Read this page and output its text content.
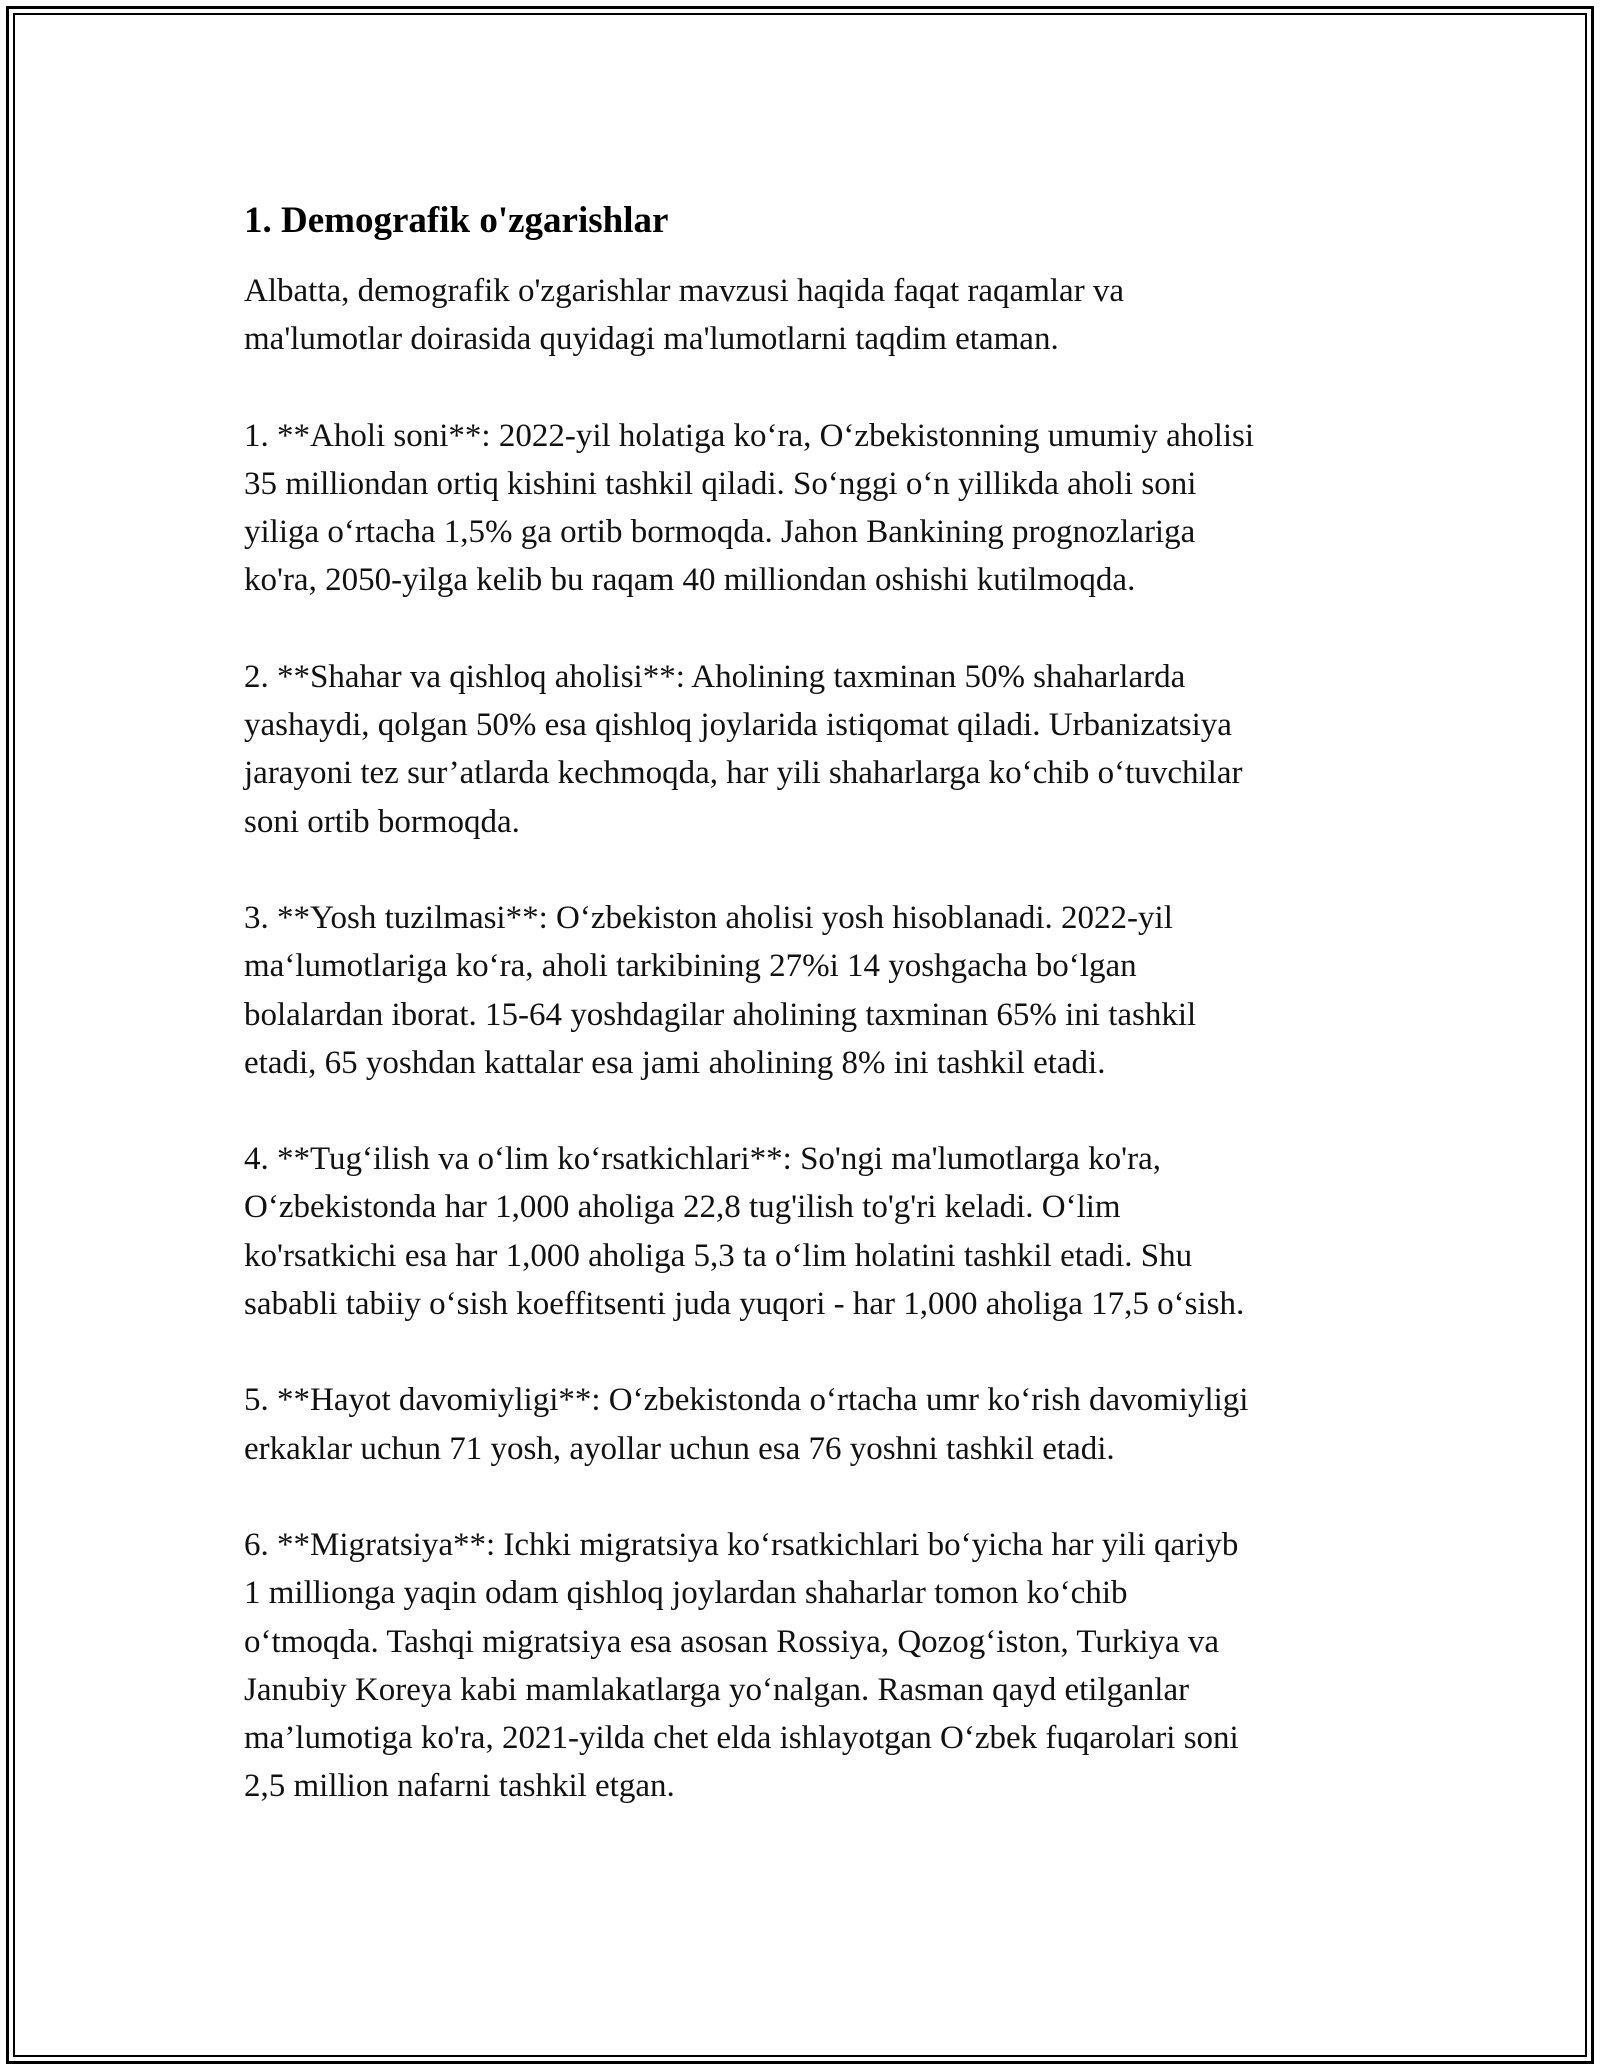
1. Demografik o'zgarishlar

Albatta, demografik o'zgarishlar mavzusi haqida faqat raqamlar va
ma'lumotlar doirasida quyidagi ma'lumotlarni taqdim etaman.

1. **Aholi soni**: 2022-yil holatiga ko‘ra, O‘zbekistonning umumiy aholisi
35 milliondan ortiq kishini tashkil qiladi. So‘nggi o‘n yillikda aholi soni
yiliga o‘rtacha 1,5% ga ortib bormoqda. Jahon Bankining prognozlariga
ko'ra, 2050-yilga kelib bu raqam 40 milliondan oshishi kutilmoqda.

2. **Shahar va qishloq aholisi**: Aholining taxminan 50% shaharlarda
yashaydi, qolgan 50% esa qishloq joylarida istiqomat qiladi. Urbanizatsiya
jarayoni tez sur’atlarda kechmoqda, har yili shaharlarga ko‘chib o‘tuvchilar
soni ortib bormoqda.

3. **Yosh tuzilmasi**: O‘zbekiston aholisi yosh hisoblanadi. 2022-yil
ma‘lumotlariga ko‘ra, aholi tarkibining 27%i 14 yoshgacha bo‘lgan
bolalardan iborat. 15-64 yoshdagilar aholining taxminan 65% ini tashkil
etadi, 65 yoshdan kattalar esa jami aholining 8% ini tashkil etadi.

4. **Tug‘ilish va o‘lim ko‘rsatkichlari**: So'ngi ma'lumotlarga ko'ra,
O‘zbekistonda har 1,000 aholiga 22,8 tug'ilish to'g'ri keladi. O‘lim
ko'rsatkichi esa har 1,000 aholiga 5,3 ta o‘lim holatini tashkil etadi. Shu
sababli tabiiy o‘sish koeffitsenti juda yuqori - har 1,000 aholiga 17,5 o‘sish.

5. **Hayot davomiyligi**: O‘zbekistonda o‘rtacha umr ko‘rish davomiyligi
erkaklar uchun 71 yosh, ayollar uchun esa 76 yoshni tashkil etadi.

6. **Migratsiya**: Ichki migratsiya ko‘rsatkichlari bo‘yicha har yili qariyb
1 millionga yaqin odam qishloq joylardan shaharlar tomon ko‘chib
o‘tmoqda. Tashqi migratsiya esa asosan Rossiya, Qozog‘iston, Turkiya va
Janubiy Koreya kabi mamlakatlarga yo‘nalgan. Rasman qayd etilganlar
ma’lumotiga ko'ra, 2021-yilda chet elda ishlayotgan O‘zbek fuqarolari soni
2,5 million nafarni tashkil etgan.
